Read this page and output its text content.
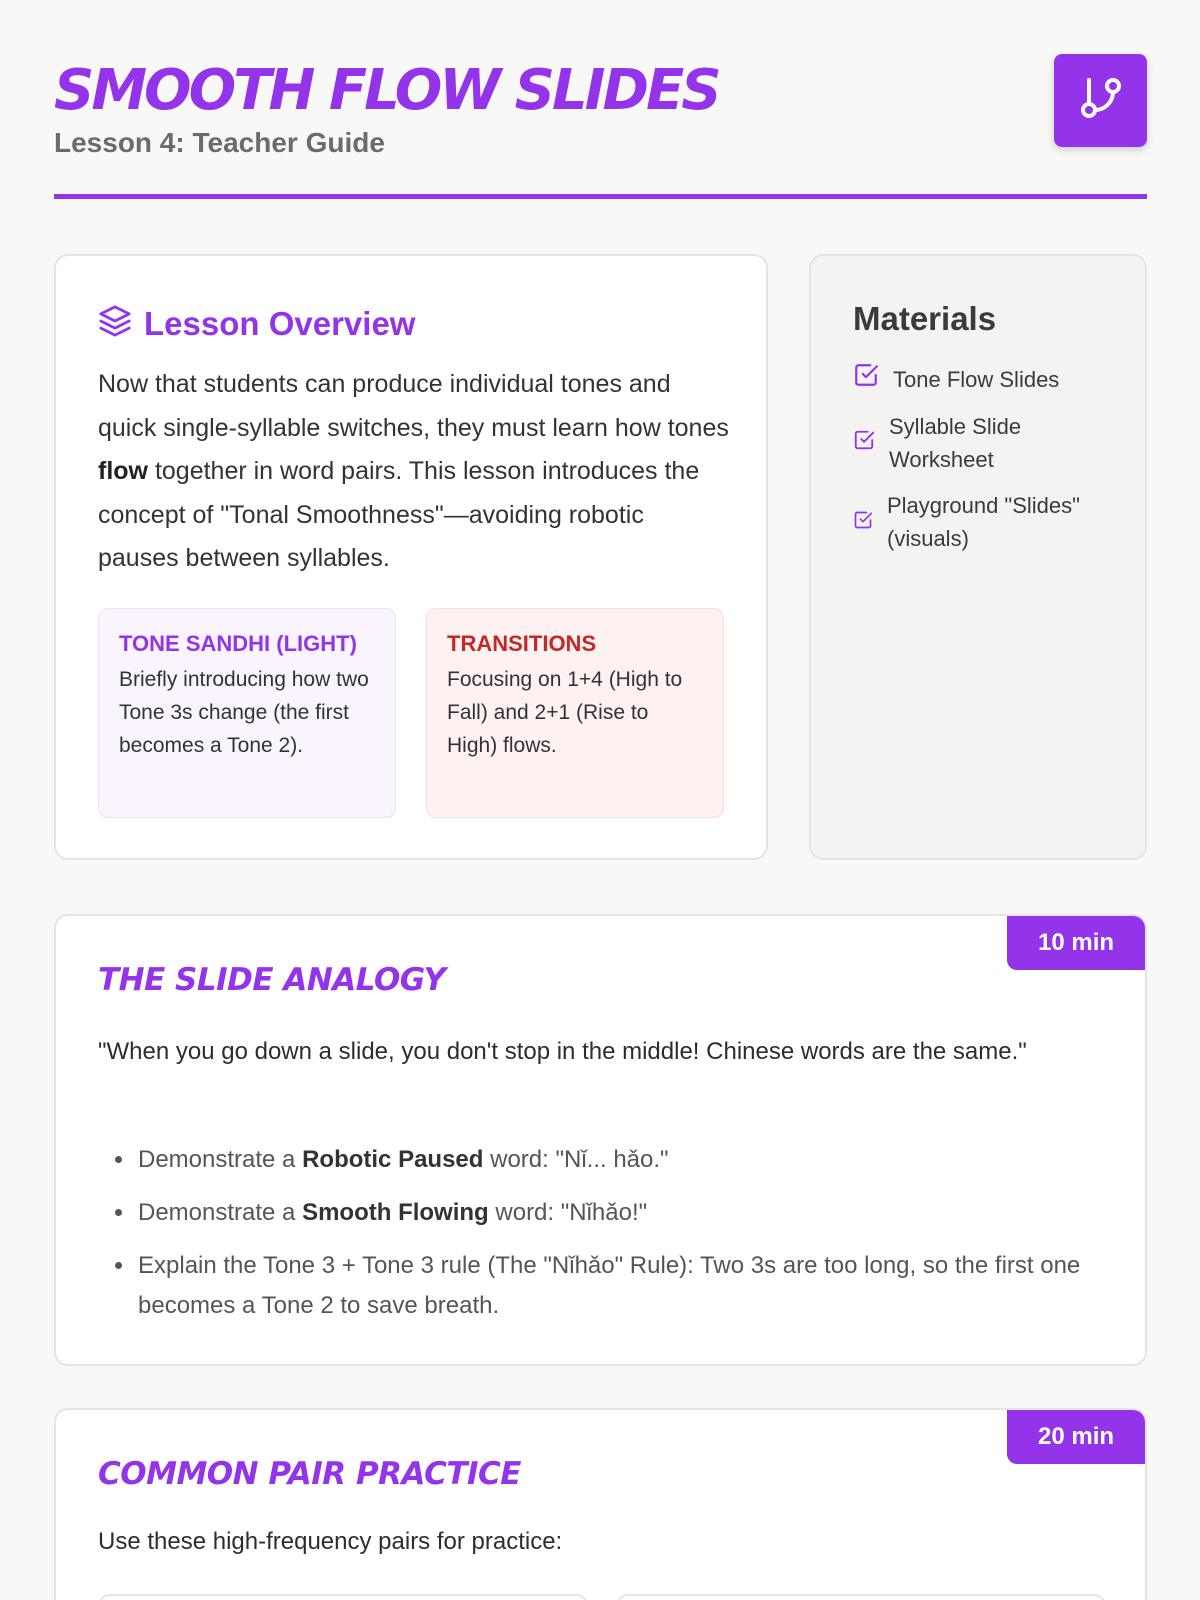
SMOOTH FLOW SLIDES
Lesson 4: Teacher Guide
Lesson Overview

Now that students can produce individual tones and quick single-syllable switches, they must learn how tones flow together in word pairs. This lesson introduces the concept of "Tonal Smoothness"—avoiding robotic pauses between syllables.

TONE SANDHI (LIGHT)
Briefly introducing how two Tone 3s change (the first becomes a Tone 2).
TRANSITIONS
Focusing on 1+4 (High to Fall) and 2+1 (Rise to High) flows.
Materials
Tone Flow Slides
Syllable Slide Worksheet
Playground "Slides" (visuals)
10 min
THE SLIDE ANALOGY

"When you go down a slide, you don't stop in the middle! Chinese words are the same."

• Demonstrate a Robotic Paused word: "Nǐ... hǎo."
• Demonstrate a Smooth Flowing word: "Nǐhǎo!"
• Explain the Tone 3 + Tone 3 rule (The "Nǐhǎo" Rule): Two 3s are too long, so the first one becomes a Tone 2 to save breath.
20 min
COMMON PAIR PRACTICE

Use these high-frequency pairs for practice:
